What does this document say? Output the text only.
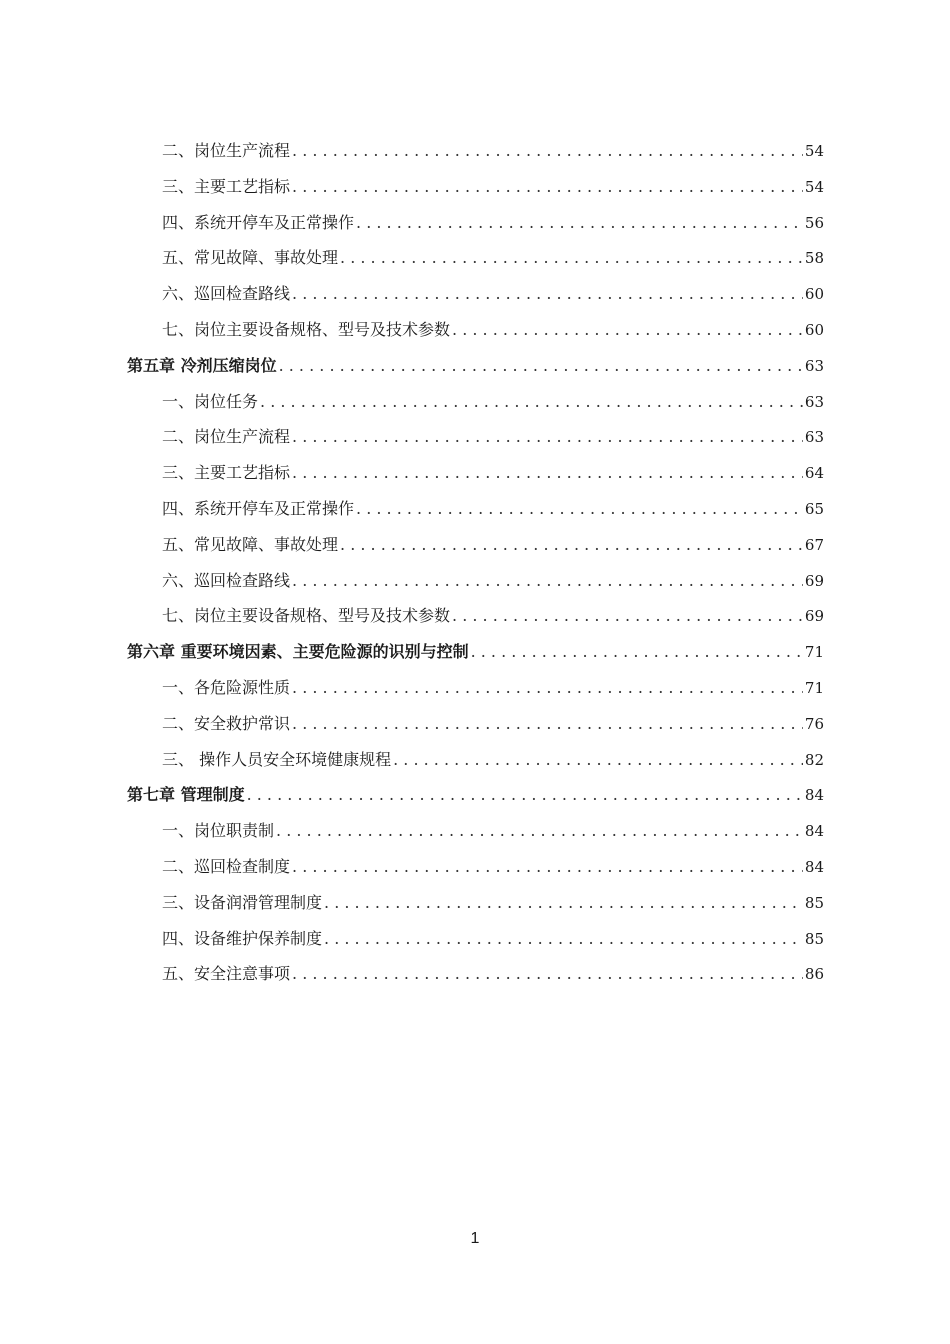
二、岗位生产流程 . . .	54
三、主要工艺指标 . . .	54
四、系统开停车及正常操作 . . .	56
五、常见故障、事故处理 . . .	58
六、巡回检查路线 . . .	60
七、岗位主要设备规格、型号及技术参数 . . .	60
第五章 冷剂压缩岗位 . . .	63
一、岗位任务 . . .	63
二、岗位生产流程 . . .	63
三、主要工艺指标 . . .	64
四、系统开停车及正常操作 . . .	65
五、常见故障、事故处理 . . .	67
六、巡回检查路线 . . .	69
七、岗位主要设备规格、型号及技术参数 . . .	69
第六章 重要环境因素、主要危险源的识别与控制 . . .	71
一、各危险源性质 . . .	71
二、安全救护常识 . . .	76
三、 操作人员安全环境健康规程 . . .	82
第七章 管理制度 . . .	84
一、岗位职责制 . . .	84
二、巡回检查制度 . . .	84
三、设备润滑管理制度 . . .	85
四、设备维护保养制度 . . .	85
五、安全注意事项 . . .	86
1
